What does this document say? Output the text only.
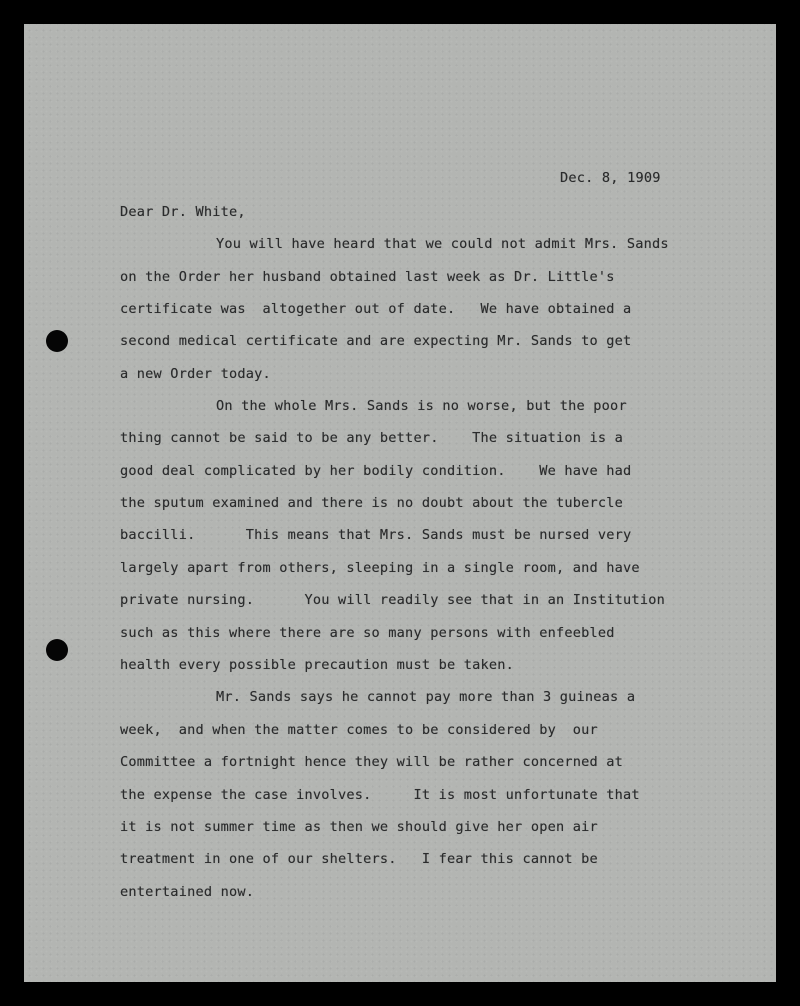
Dec. 8, 1909
Dear Dr. White,
You will have heard that we could not admit Mrs. Sands
on the Order her husband obtained last week as Dr. Little's
certificate was  altogether out of date.   We have obtained a
second medical certificate and are expecting Mr. Sands to get
a new Order today.
On the whole Mrs. Sands is no worse, but the poor
thing cannot be said to be any better.    The situation is a
good deal complicated by her bodily condition.    We have had
the sputum examined and there is no doubt about the tubercle
baccilli.      This means that Mrs. Sands must be nursed very
largely apart from others, sleeping in a single room, and have
private nursing.      You will readily see that in an Institution
such as this where there are so many persons with enfeebled
health every possible precaution must be taken.
Mr. Sands says he cannot pay more than 3 guineas a
week,  and when the matter comes to be considered by  our
Committee a fortnight hence they will be rather concerned at
the expense the case involves.     It is most unfortunate that
it is not summer time as then we should give her open air
treatment in one of our shelters.   I fear this cannot be
entertained now.
